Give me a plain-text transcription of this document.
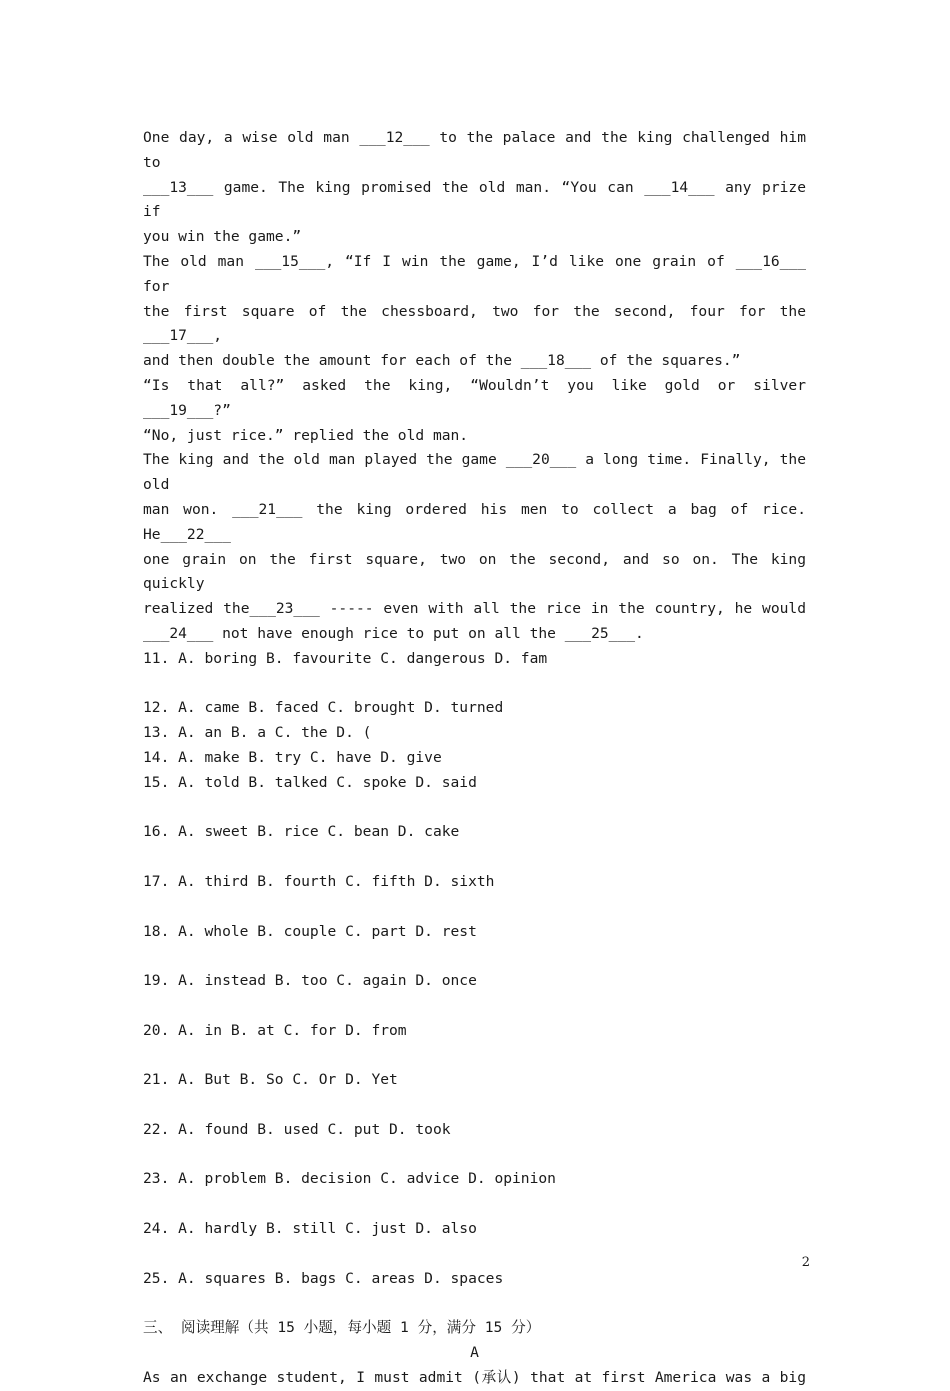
One day, a wise old man ___12___ to the palace and the king challenged him to
___13___ game. The king promised the old man. “You can ___14___ any prize if
you win the game.”
The old man ___15___, “If I win the game, I’d like one grain of ___16___ for
the first square of the chessboard, two for the second, four for the ___17___,
and then double the amount for each of the ___18___ of the squares.”
“Is that all?” asked the king, “Wouldn’t you like gold or silver
___19___?”
“No, just rice.” replied the old man.
The king and the old man played the game ___20___ a long time. Finally, the old
man won. ___21___ the king ordered his men to collect a bag of rice. He___22___
one grain on the first square, two on the second, and so on. The king quickly
realized the___23___ ----- even with all the rice in the country, he would
___24___ not have enough rice to put on all the ___25___.
11. A. boring B. favourite C. dangerous D. fam
12. A. came B. faced C. brought D. turned
13. A. an B. a C. the D. (
14. A. make B. try C. have D. give
15. A. told B. talked C. spoke D. said
16. A. sweet B. rice C. bean D. cake
17. A. third B. fourth C. fifth D. sixth
18. A. whole B. couple C. part D. rest
19. A. instead B. too C. again D. once
20. A. in B. at C. for D. from
21. A. But B. So C. Or D. Yet
22. A. found B. used C. put D. took
23. A. problem B. decision C. advice D. opinion
24. A. hardly B. still C. just D. also
25. A. squares B. bags C. areas D. spaces
三、 阅读理解（共 15 小题，每小题 1 分，满分 15 分）
A
As an exchange student, I must admit (承认) that at first America was a big
2
